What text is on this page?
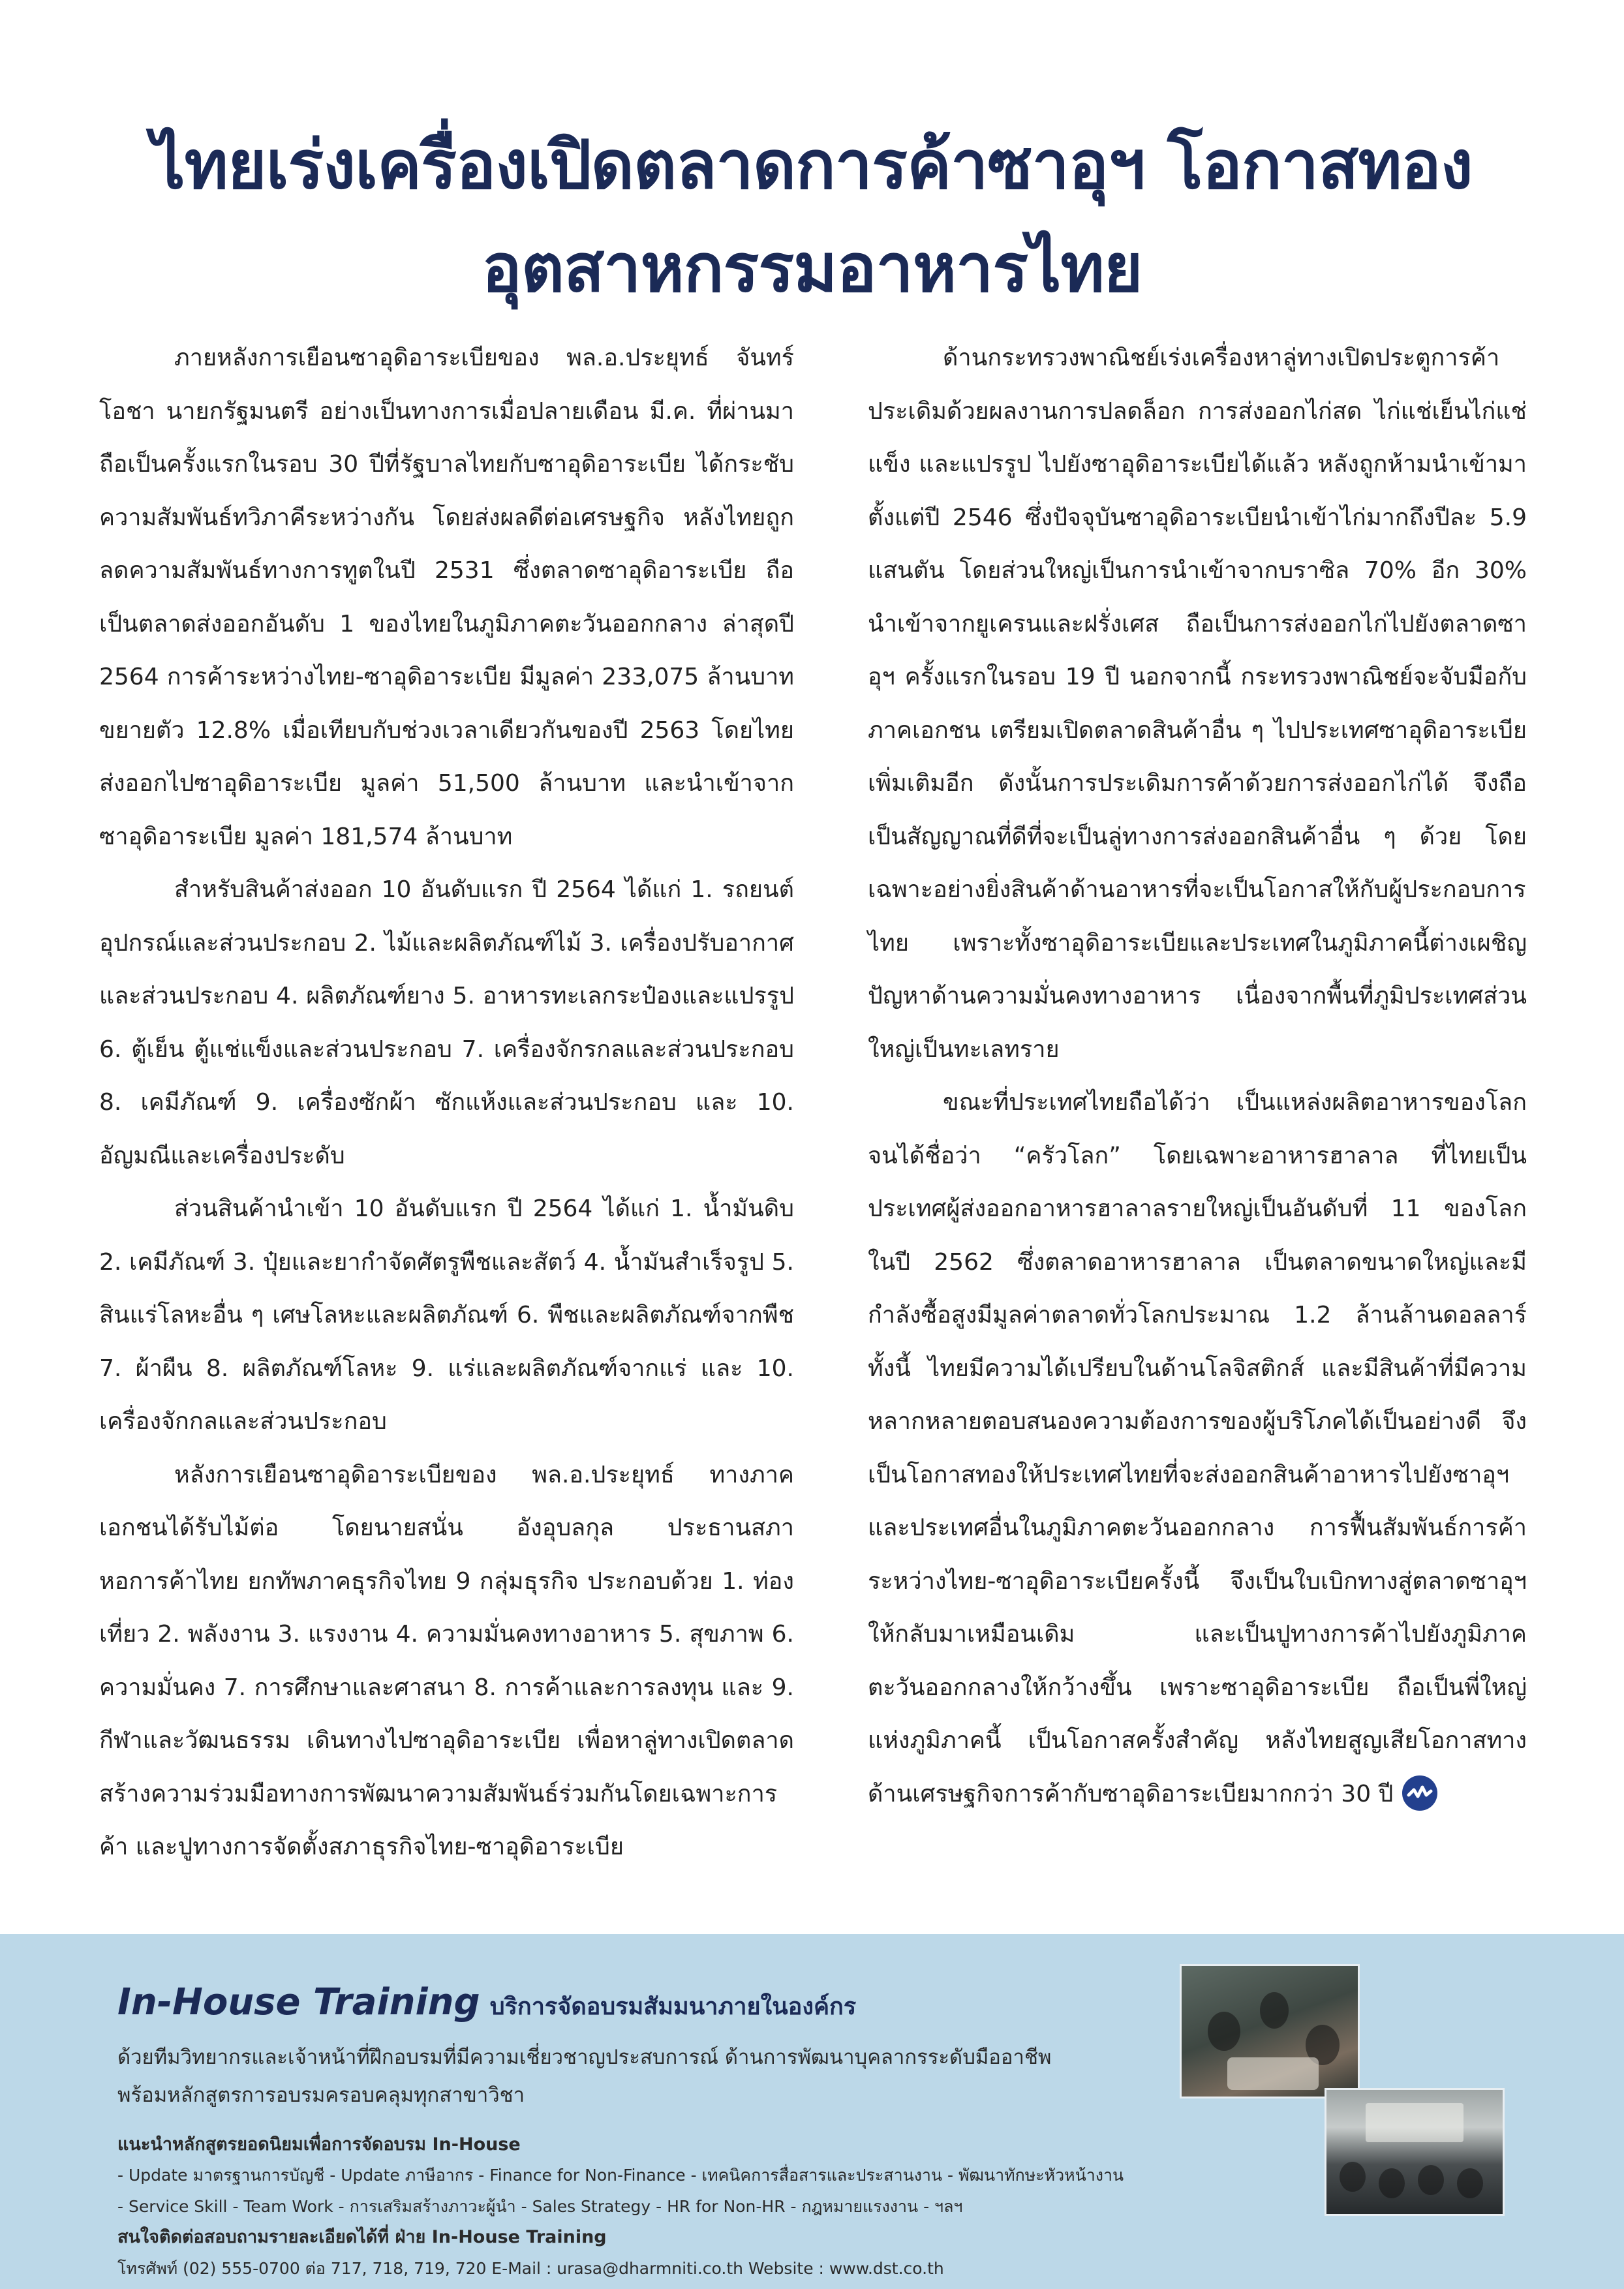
ไทยเร่งเครื่องเปิดตลาดการค้าซาอุฯ โอกาสทอง
อุตสาหกรรมอาหารไทย

ภายหลังการเยือนซาอุดิอาระเบียของ พล.อ.ประยุทธ์ จันทร์โอชา นายกรัฐมนตรี อย่างเป็นทางการเมื่อปลายเดือน มี.ค. ที่ผ่านมา ถือเป็นครั้งแรกในรอบ 30 ปีที่รัฐบาลไทยกับซาอุดิอาระเบีย ได้กระชับความสัมพันธ์ทวิภาคีระหว่างกัน โดยส่งผลดีต่อเศรษฐกิจ หลังไทยถูกลดความสัมพันธ์ทางการทูตในปี 2531 ซึ่งตลาดซาอุดิอาระเบีย ถือเป็นตลาดส่งออกอันดับ 1 ของไทยในภูมิภาคตะวันออกกลาง ล่าสุดปี 2564 การค้าระหว่างไทย-ซาอุดิอาระเบีย มีมูลค่า 233,075 ล้านบาท ขยายตัว 12.8% เมื่อเทียบกับช่วงเวลาเดียวกันของปี 2563 โดยไทยส่งออกไปซาอุดิอาระเบีย มูลค่า 51,500 ล้านบาท และนำเข้าจากซาอุดิอาระเบีย มูลค่า 181,574 ล้านบาท

สำหรับสินค้าส่งออก 10 อันดับแรก ปี 2564 ได้แก่ 1. รถยนต์ อุปกรณ์และส่วนประกอบ 2. ไม้และผลิตภัณฑ์ไม้ 3. เครื่องปรับอากาศและส่วนประกอบ 4. ผลิตภัณฑ์ยาง 5. อาหารทะเลกระป๋องและแปรรูป 6. ตู้เย็น ตู้แช่แข็งและส่วนประกอบ 7. เครื่องจักรกลและส่วนประกอบ 8. เคมีภัณฑ์ 9. เครื่องซักผ้า ซักแห้งและส่วนประกอบ และ 10. อัญมณีและเครื่องประดับ

ส่วนสินค้านำเข้า 10 อันดับแรก ปี 2564 ได้แก่ 1. น้ำมันดิบ 2. เคมีภัณฑ์ 3. ปุ๋ยและยากำจัดศัตรูพืชและสัตว์ 4. น้ำมันสำเร็จรูป 5. สินแร่โลหะอื่น ๆ เศษโลหะและผลิตภัณฑ์ 6. พืชและผลิตภัณฑ์จากพืช 7. ผ้าผืน 8. ผลิตภัณฑ์โลหะ 9. แร่และผลิตภัณฑ์จากแร่ และ 10. เครื่องจักกลและส่วนประกอบ

หลังการเยือนซาอุดิอาระเบียของ พล.อ.ประยุทธ์ ทางภาคเอกชนได้รับไม้ต่อ โดยนายสนั่น อังอุบลกุล ประธานสภาหอการค้าไทย ยกทัพภาคธุรกิจไทย 9 กลุ่มธุรกิจ ประกอบด้วย 1. ท่องเที่ยว 2. พลังงาน 3. แรงงาน 4. ความมั่นคงทางอาหาร 5. สุขภาพ 6. ความมั่นคง 7. การศึกษาและศาสนา 8. การค้าและการลงทุน และ 9. กีฬาและวัฒนธรรม เดินทางไปซาอุดิอาระเบีย เพื่อหาลู่ทางเปิดตลาด สร้างความร่วมมือทางการพัฒนาความสัมพันธ์ร่วมกันโดยเฉพาะการค้า และปูทางการจัดตั้งสภาธุรกิจไทย-ซาอุดิอาระเบีย

ด้านกระทรวงพาณิชย์เร่งเครื่องหาลู่ทางเปิดประตูการค้าประเดิมด้วยผลงานการปลดล็อก การส่งออกไก่สด ไก่แช่เย็นไก่แช่แข็ง และแปรรูป ไปยังซาอุดิอาระเบียได้แล้ว หลังถูกห้ามนำเข้ามาตั้งแต่ปี 2546 ซึ่งปัจจุบันซาอุดิอาระเบียนำเข้าไก่มากถึงปีละ 5.9 แสนตัน โดยส่วนใหญ่เป็นการนำเข้าจากบราซิล 70% อีก 30% นำเข้าจากยูเครนและฝรั่งเศส ถือเป็นการส่งออกไก่ไปยังตลาดซาอุฯ ครั้งแรกในรอบ 19 ปี นอกจากนี้ กระทรวงพาณิชย์จะจับมือกับภาคเอกชน เตรียมเปิดตลาดสินค้าอื่น ๆ ไปประเทศซาอุดิอาระเบียเพิ่มเติมอีก ดังนั้นการประเดิมการค้าด้วยการส่งออกไก่ได้ จึงถือเป็นสัญญาณที่ดีที่จะเป็นลู่ทางการส่งออกสินค้าอื่น ๆ ด้วย โดยเฉพาะอย่างยิ่งสินค้าด้านอาหารที่จะเป็นโอกาสให้กับผู้ประกอบการไทย เพราะทั้งซาอุดิอาระเบียและประเทศในภูมิภาคนี้ต่างเผชิญปัญหาด้านความมั่นคงทางอาหาร เนื่องจากพื้นที่ภูมิประเทศส่วนใหญ่เป็นทะเลทราย

ขณะที่ประเทศไทยถือได้ว่า เป็นแหล่งผลิตอาหารของโลกจนได้ชื่อว่า “ครัวโลก” โดยเฉพาะอาหารฮาลาล ที่ไทยเป็นประเทศผู้ส่งออกอาหารฮาลาลรายใหญ่เป็นอันดับที่ 11 ของโลก ในปี 2562 ซึ่งตลาดอาหารฮาลาล เป็นตลาดขนาดใหญ่และมีกำลังซื้อสูงมีมูลค่าตลาดทั่วโลกประมาณ 1.2 ล้านล้านดอลลาร์ ทั้งนี้ ไทยมีความได้เปรียบในด้านโลจิสติกส์ และมีสินค้าที่มีความหลากหลายตอบสนองความต้องการของผู้บริโภคได้เป็นอย่างดี จึงเป็นโอกาสทองให้ประเทศไทยที่จะส่งออกสินค้าอาหารไปยังซาอุฯและประเทศอื่นในภูมิภาคตะวันออกกลาง การฟื้นสัมพันธ์การค้าระหว่างไทย-ซาอุดิอาระเบียครั้งนี้ จึงเป็นใบเบิกทางสู่ตลาดซาอุฯให้กลับมาเหมือนเดิม และเป็นปูทางการค้าไปยังภูมิภาคตะวันออกกลางให้กว้างขึ้น เพราะซาอุดิอาระเบีย ถือเป็นพี่ใหญ่แห่งภูมิภาคนี้ เป็นโอกาสครั้งสำคัญ หลังไทยสูญเสียโอกาสทางด้านเศรษฐกิจการค้ากับซาอุดิอาระเบียมากกว่า 30 ปี

In-House Training บริการจัดอบรมสัมมนาภายในองค์กร
ด้วยทีมวิทยากรและเจ้าหน้าที่ฝึกอบรมที่มีความเชี่ยวชาญประสบการณ์ ด้านการพัฒนาบุคลากรระดับมืออาชีพ
พร้อมหลักสูตรการอบรมครอบคลุมทุกสาขาวิชา
แนะนำหลักสูตรยอดนิยมเพื่อการจัดอบรม In-House
- Update มาตรฐานการบัญชี - Update ภาษีอากร - Finance for Non-Finance - เทคนิคการสื่อสารและประสานงาน - พัฒนาทักษะหัวหน้างาน
- Service Skill - Team Work - การเสริมสร้างภาวะผู้นำ - Sales Strategy - HR for Non-HR - กฎหมายแรงงาน - ฯลฯ
สนใจติดต่อสอบถามรายละเอียดได้ที่ ฝ่าย In-House Training
โทรศัพท์ (02) 555-0700 ต่อ 717, 718, 719, 720 E-Mail : urasa@dharmniti.co.th Website : www.dst.co.th
